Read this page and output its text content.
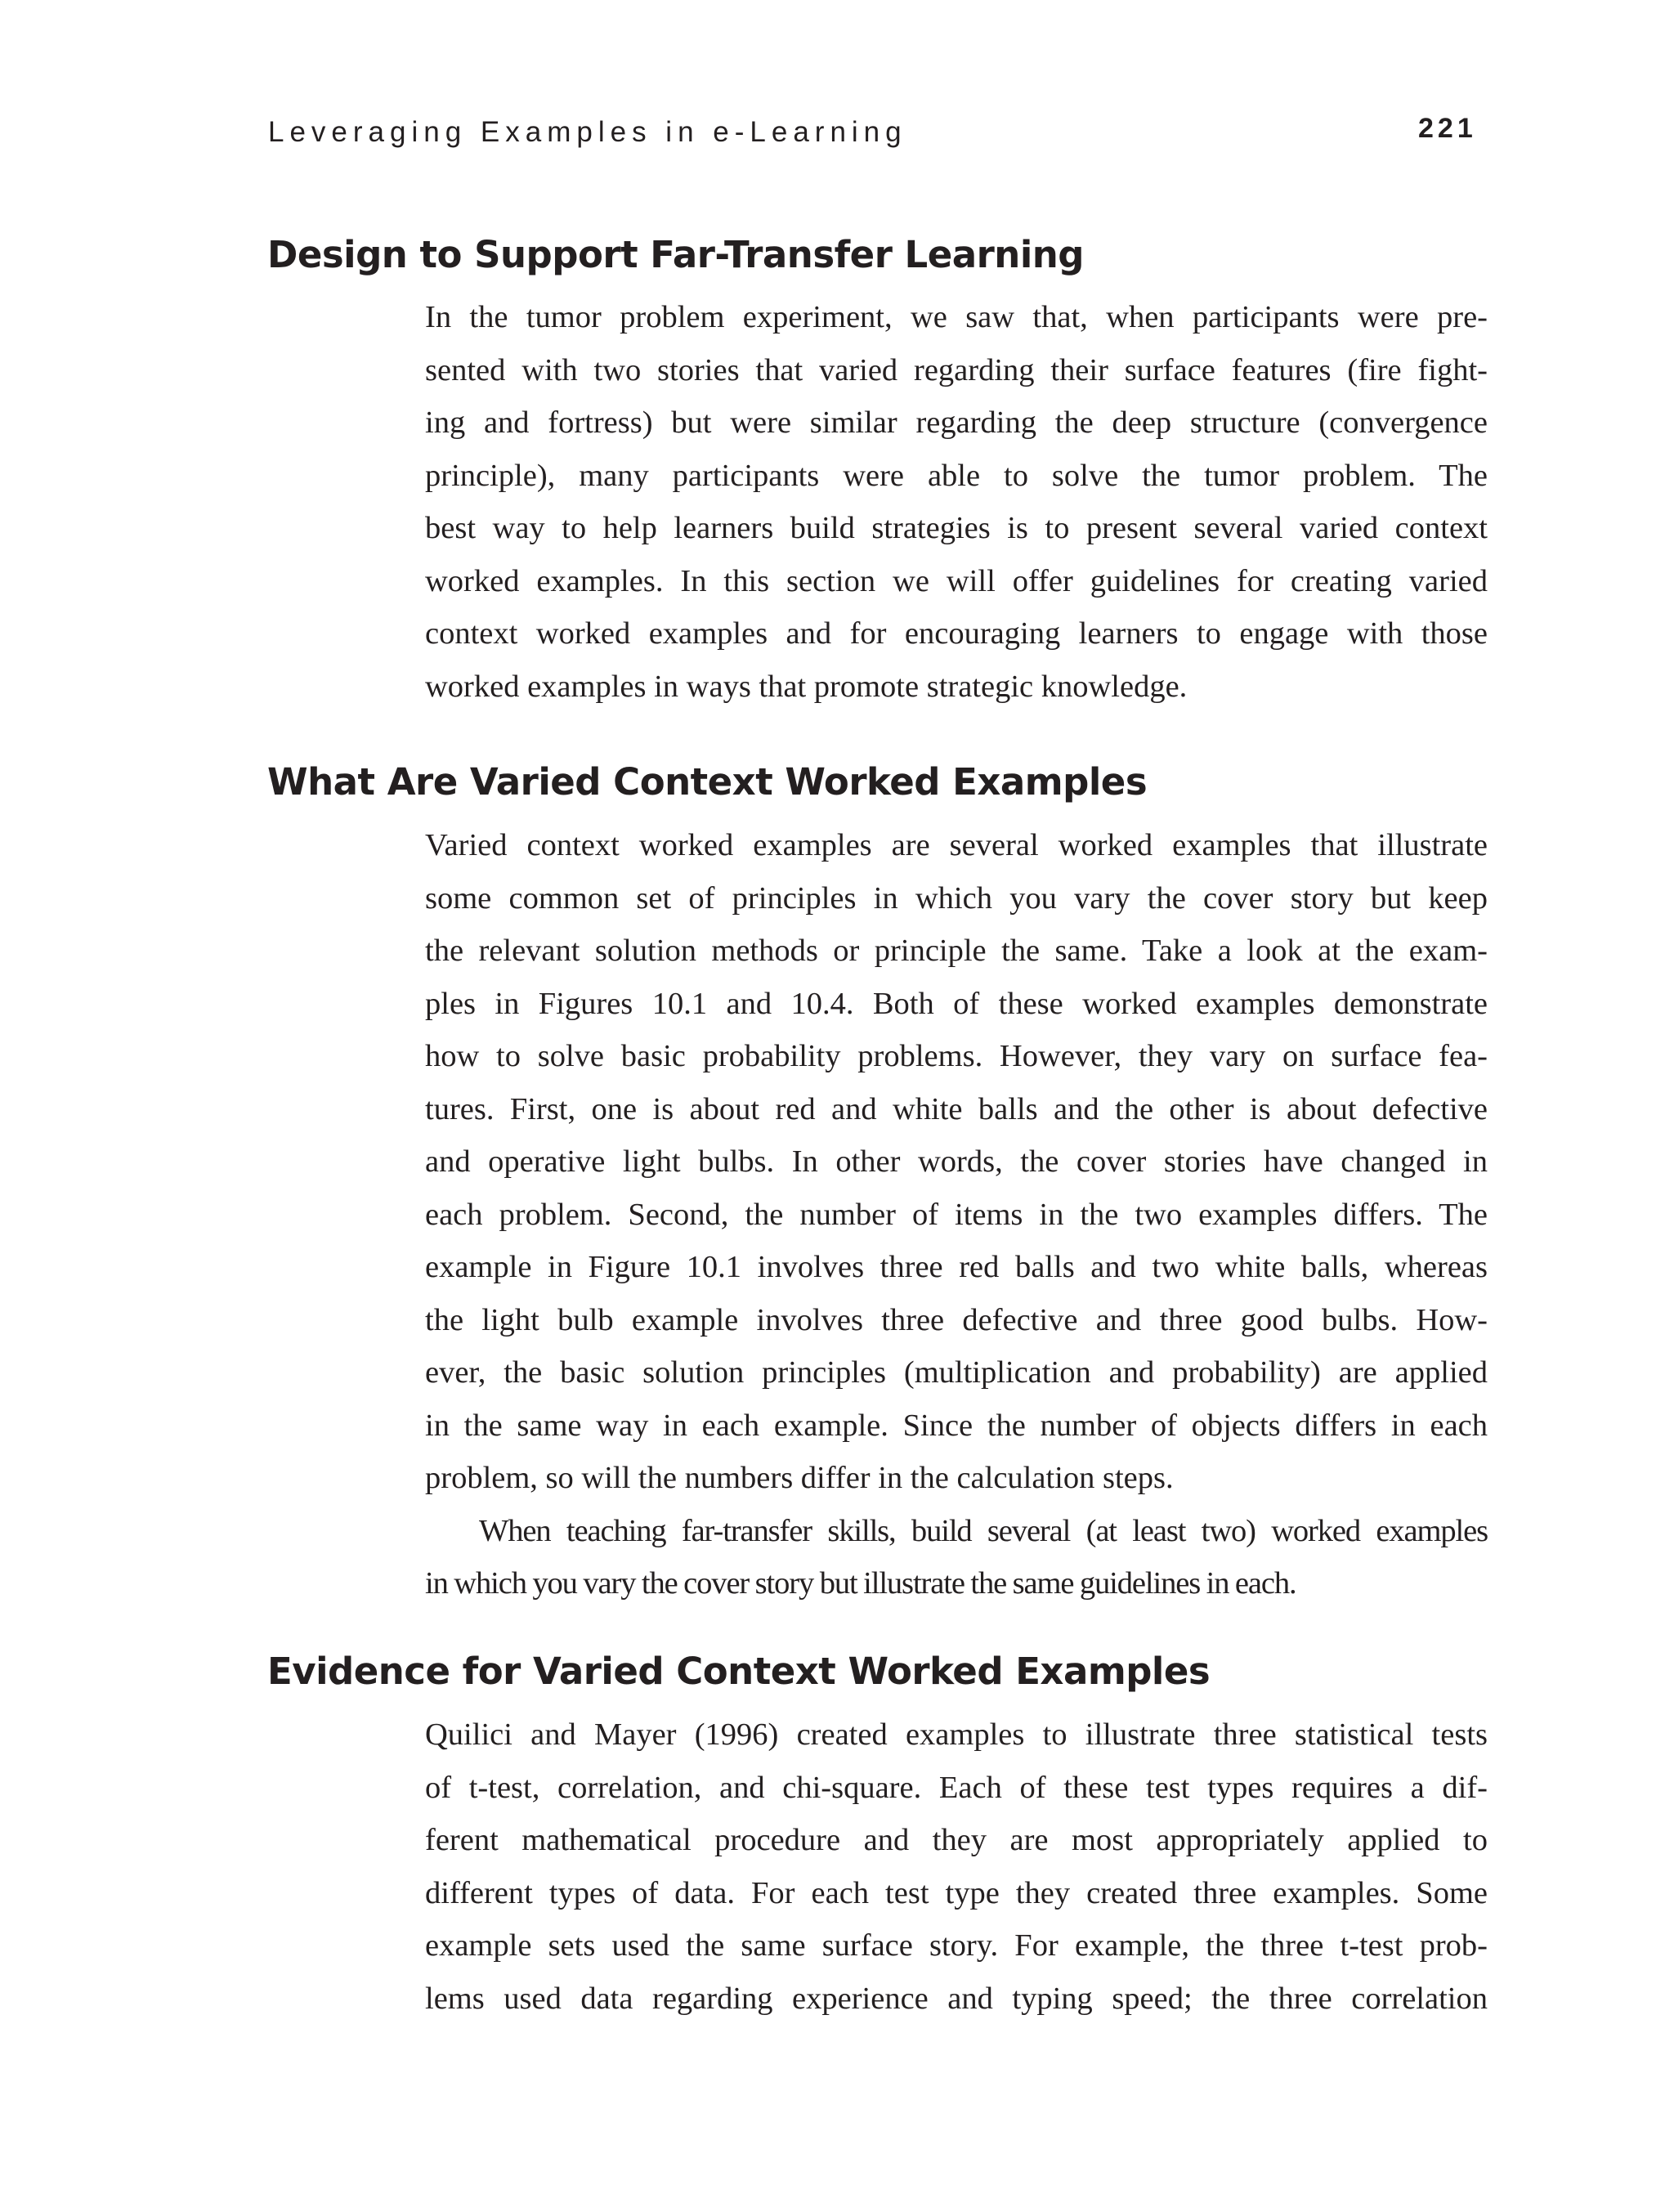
Leveraging Examples in e-Learning	221
Design to Support Far-Transfer Learning
In the tumor problem experiment, we saw that, when participants were pre-
sented with two stories that varied regarding their surface features (fire fight-
ing and fortress) but were similar regarding the deep structure (convergence
principle), many participants were able to solve the tumor problem. The
best way to help learners build strategies is to present several varied context
worked examples. In this section we will offer guidelines for creating varied
context worked examples and for encouraging learners to engage with those
worked examples in ways that promote strategic knowledge.
What Are Varied Context Worked Examples
Varied context worked examples are several worked examples that illustrate
some common set of principles in which you vary the cover story but keep
the relevant solution methods or principle the same. Take a look at the exam-
ples in Figures 10.1 and 10.4. Both of these worked examples demonstrate
how to solve basic probability problems. However, they vary on surface fea-
tures. First, one is about red and white balls and the other is about defective
and operative light bulbs. In other words, the cover stories have changed in
each problem. Second, the number of items in the two examples differs. The
example in Figure 10.1 involves three red balls and two white balls, whereas
the light bulb example involves three defective and three good bulbs. How-
ever, the basic solution principles (multiplication and probability) are applied
in the same way in each example. Since the number of objects differs in each
problem, so will the numbers differ in the calculation steps.
When teaching far-transfer skills, build several (at least two) worked examples
in which you vary the cover story but illustrate the same guidelines in each.
Evidence for Varied Context Worked Examples
Quilici and Mayer (1996) created examples to illustrate three statistical tests
of t-test, correlation, and chi-square. Each of these test types requires a dif-
ferent mathematical procedure and they are most appropriately applied to
different types of data. For each test type they created three examples. Some
example sets used the same surface story. For example, the three t-test prob-
lems used data regarding experience and typing speed; the three correlation
